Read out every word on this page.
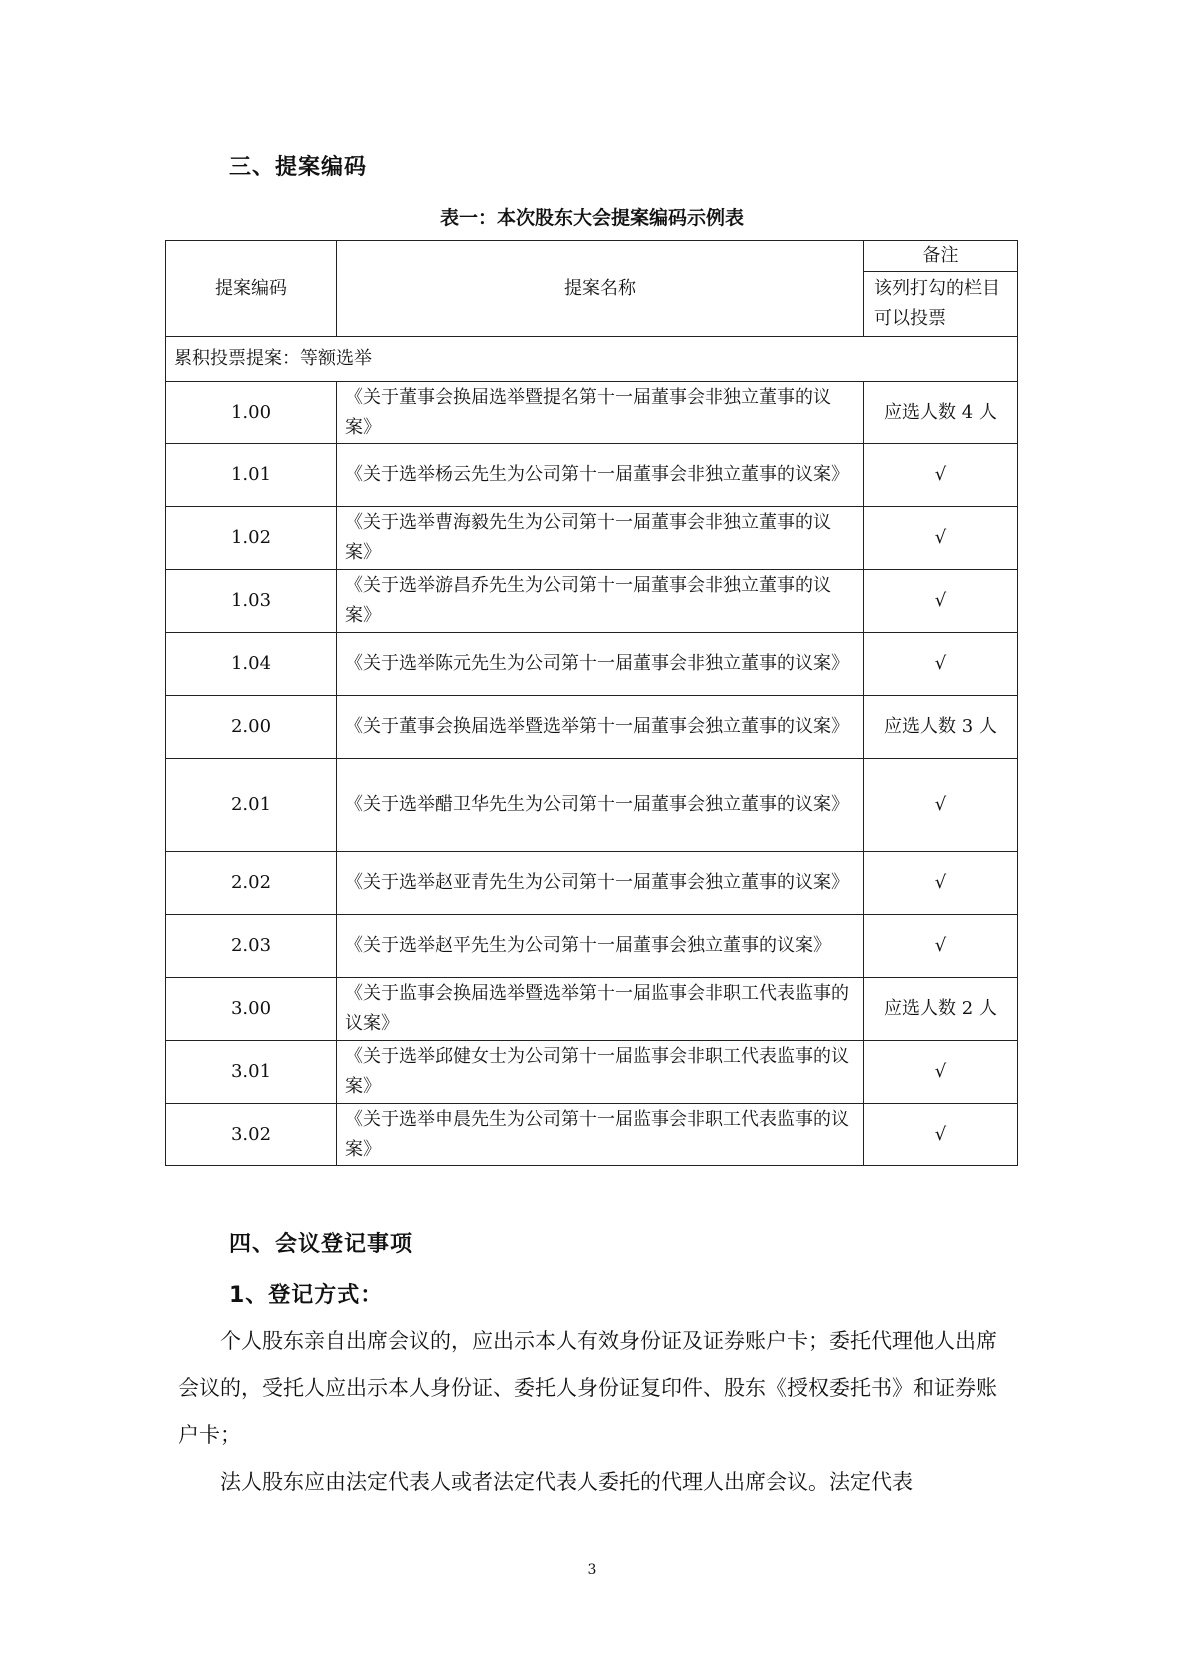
三、提案编码
表一：本次股东大会提案编码示例表
提案编码	提案名称	备注
该列打勾的栏目可以投票

累积投票提案：等额选举		
1.00	《关于董事会换届选举暨提名第十一届董事会非独立董事的议案》	应选人数 4 人
1.01	《关于选举杨云先生为公司第十一届董事会非独立董事的议案》	√
1.02	《关于选举曹海毅先生为公司第十一届董事会非独立董事的议案》	√
1.03	《关于选举游昌乔先生为公司第十一届董事会非独立董事的议案》	√
1.04	《关于选举陈元先生为公司第十一届董事会非独立董事的议案》	√
2.00	《关于董事会换届选举暨选举第十一届董事会独立董事的议案》	应选人数 3 人
2.01	《关于选举醋卫华先生为公司第十一届董事会独立董事的议案》	√
2.02	《关于选举赵亚青先生为公司第十一届董事会独立董事的议案》	√
2.03	《关于选举赵平先生为公司第十一届董事会独立董事的议案》	√
3.00	《关于监事会换届选举暨选举第十一届监事会非职工代表监事的议案》	应选人数 2 人
3.01	《关于选举邱健女士为公司第十一届监事会非职工代表监事的议案》	√
3.02	《关于选举申晨先生为公司第十一届监事会非职工代表监事的议案》	√
四、会议登记事项
1、登记方式：
个人股东亲自出席会议的，应出示本人有效身份证及证券账户卡；委托代理他人出席会议的，受托人应出示本人身份证、委托人身份证复印件、股东《授权委托书》和证券账户卡；
法人股东应由法定代表人或者法定代表人委托的代理人出席会议。法定代表
3
